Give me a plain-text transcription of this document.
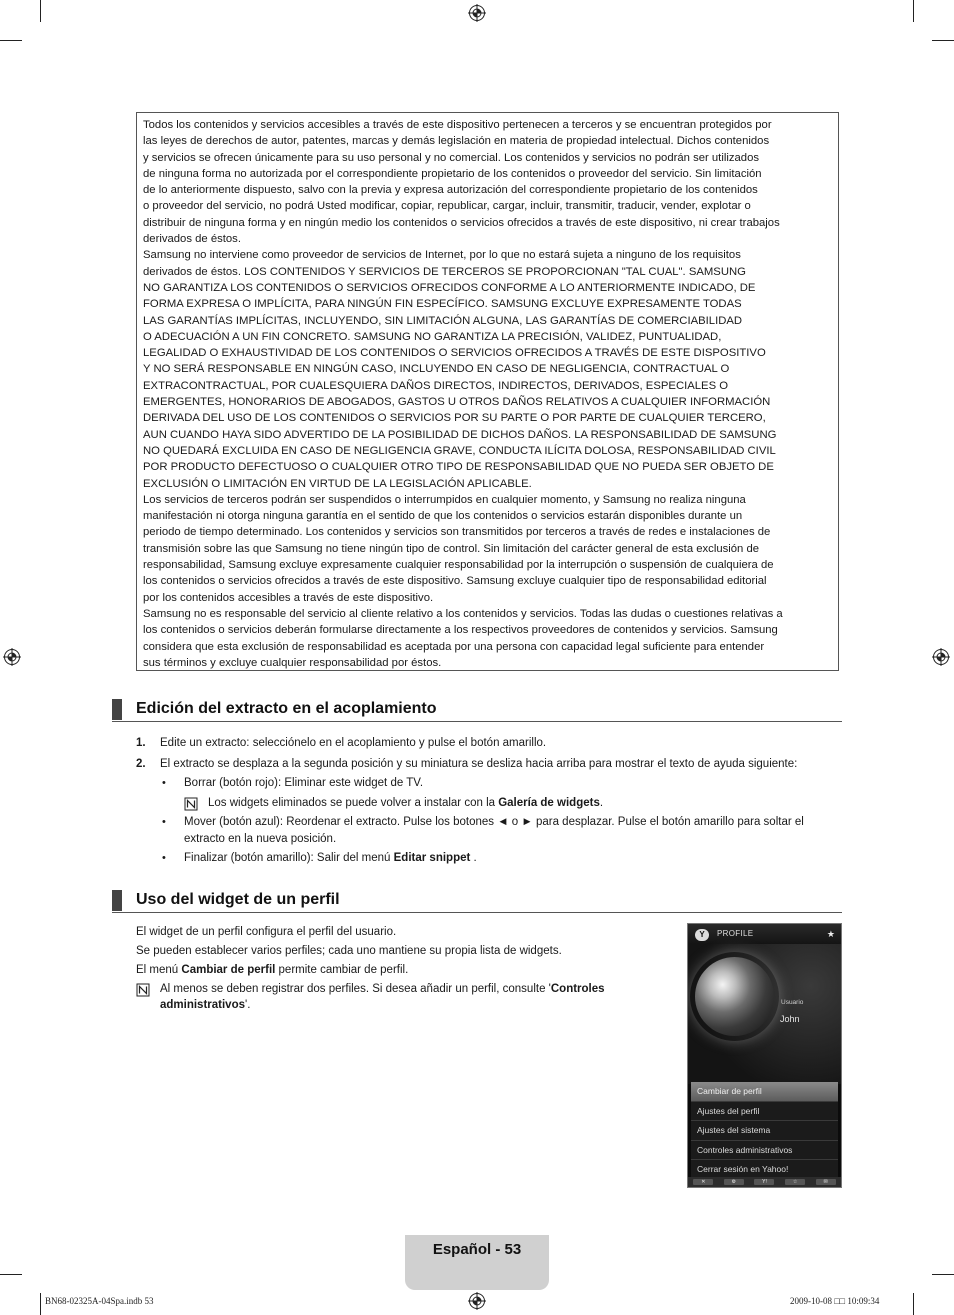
Todos los contenidos y servicios accesibles a través de este dispositivo pertenecen a terceros y se encuentran protegidos por
las leyes de derechos de autor, patentes, marcas y demás legislación en materia de propiedad intelectual. Dichos contenidos
y servicios se ofrecen únicamente para su uso personal y no comercial. Los contenidos y servicios no podrán ser utilizados
de ninguna forma no autorizada por el correspondiente propietario de los contenidos o proveedor del servicio. Sin limitación
de lo anteriormente dispuesto, salvo con la previa y expresa autorización del correspondiente propietario de los contenidos
o proveedor del servicio, no podrá Usted modificar, copiar, republicar, cargar, incluir, transmitir, traducir, vender, explotar o
distribuir de ninguna forma y en ningún medio los contenidos o servicios ofrecidos a través de este dispositivo, ni crear trabajos
derivados de éstos.

Samsung no interviene como proveedor de servicios de Internet, por lo que no estará sujeta a ninguno de los requisitos
derivados de éstos. LOS CONTENIDOS Y SERVICIOS DE TERCEROS SE PROPORCIONAN "TAL CUAL". SAMSUNG
NO GARANTIZA LOS CONTENIDOS O SERVICIOS OFRECIDOS CONFORME A LO ANTERIORMENTE INDICADO, DE
FORMA EXPRESA O IMPLÍCITA, PARA NINGÚN FIN ESPECÍFICO. SAMSUNG EXCLUYE EXPRESAMENTE TODAS
LAS GARANTÍAS IMPLÍCITAS, INCLUYENDO, SIN LIMITACIÓN ALGUNA, LAS GARANTÍAS DE COMERCIABILIDAD
O ADECUACIÓN A UN FIN CONCRETO. SAMSUNG NO GARANTIZA LA PRECISIÓN, VALIDEZ, PUNTUALIDAD,
LEGALIDAD O EXHAUSTIVIDAD DE LOS CONTENIDOS O SERVICIOS OFRECIDOS A TRAVÉS DE ESTE DISPOSITIVO
Y NO SERÁ RESPONSABLE EN NINGÚN CASO, INCLUYENDO EN CASO DE NEGLIGENCIA, CONTRACTUAL O
EXTRACONTRACTUAL, POR CUALESQUIERA DAÑOS DIRECTOS, INDIRECTOS, DERIVADOS, ESPECIALES O
EMERGENTES, HONORARIOS DE ABOGADOS, GASTOS U OTROS DAÑOS RELATIVOS A CUALQUIER INFORMACIÓN
DERIVADA DEL USO DE LOS CONTENIDOS O SERVICIOS POR SU PARTE O POR PARTE DE CUALQUIER TERCERO,
AUN CUANDO HAYA SIDO ADVERTIDO DE LA POSIBILIDAD DE DICHOS DAÑOS. LA RESPONSABILIDAD DE SAMSUNG
NO QUEDARÁ EXCLUIDA EN CASO DE NEGLIGENCIA GRAVE, CONDUCTA ILÍCITA DOLOSA, RESPONSABILIDAD CIVIL
POR PRODUCTO DEFECTUOSO O CUALQUIER OTRO TIPO DE RESPONSABILIDAD QUE NO PUEDA SER OBJETO DE
EXCLUSIÓN O LIMITACIÓN EN VIRTUD DE LA LEGISLACIÓN APLICABLE.

Los servicios de terceros podrán ser suspendidos o interrumpidos en cualquier momento, y Samsung no realiza ninguna
manifestación ni otorga ninguna garantía en el sentido de que los contenidos o servicios estarán disponibles durante un
periodo de tiempo determinado. Los contenidos y servicios son transmitidos por terceros a través de redes e instalaciones de
transmisión sobre las que Samsung no tiene ningún tipo de control. Sin limitación del carácter general de esta exclusión de
responsabilidad, Samsung excluye expresamente cualquier responsabilidad por la interrupción o suspensión de cualquiera de
los contenidos o servicios ofrecidos a través de este dispositivo. Samsung excluye cualquier tipo de responsabilidad editorial
por los contenidos accesibles a través de este dispositivo.

Samsung no es responsable del servicio al cliente relativo a los contenidos y servicios. Todas las dudas o cuestiones relativas a
los contenidos o servicios deberán formularse directamente a los respectivos proveedores de contenidos y servicios. Samsung
considera que esta exclusión de responsabilidad es aceptada por una persona con capacidad legal suficiente para entender
sus términos y excluye cualquier responsabilidad por éstos.

Edición del extracto en el acoplamiento
1. Edite un extracto: selecciónelo en el acoplamiento y pulse el botón amarillo.
2. El extracto se desplaza a la segunda posición y su miniatura se desliza hacia arriba para mostrar el texto de ayuda siguiente:
• Borrar (botón rojo): Eliminar este widget de TV.
Los widgets eliminados se puede volver a instalar con la Galería de widgets.
• Mover (botón azul): Reordenar el extracto. Pulse los botones ◄ o ► para desplazar. Pulse el botón amarillo para soltar el
extracto en la nueva posición.
• Finalizar (botón amarillo): Salir del menú Editar snippet .
Uso del widget de un perfil
El widget de un perfil configura el perfil del usuario.
Se pueden establecer varios perfiles; cada uno mantiene su propia lista de widgets.
El menú Cambiar de perfil permite cambiar de perfil.
Al menos se deben registrar dos perfiles. Si desea añadir un perfil, consulte 'Controles
administrativos'.
Y	PROFILE	★
Usuario
John
Cambiar de perfil
Ajustes del perfil
Ajustes del sistema
Controles administrativos
Cerrar sesión en Yahoo!
✕	⚙	Y!	☆	✉
Español - 53
BN68-02325A-04Spa.indb 53	2009-10-08 □□ 10:09:34
